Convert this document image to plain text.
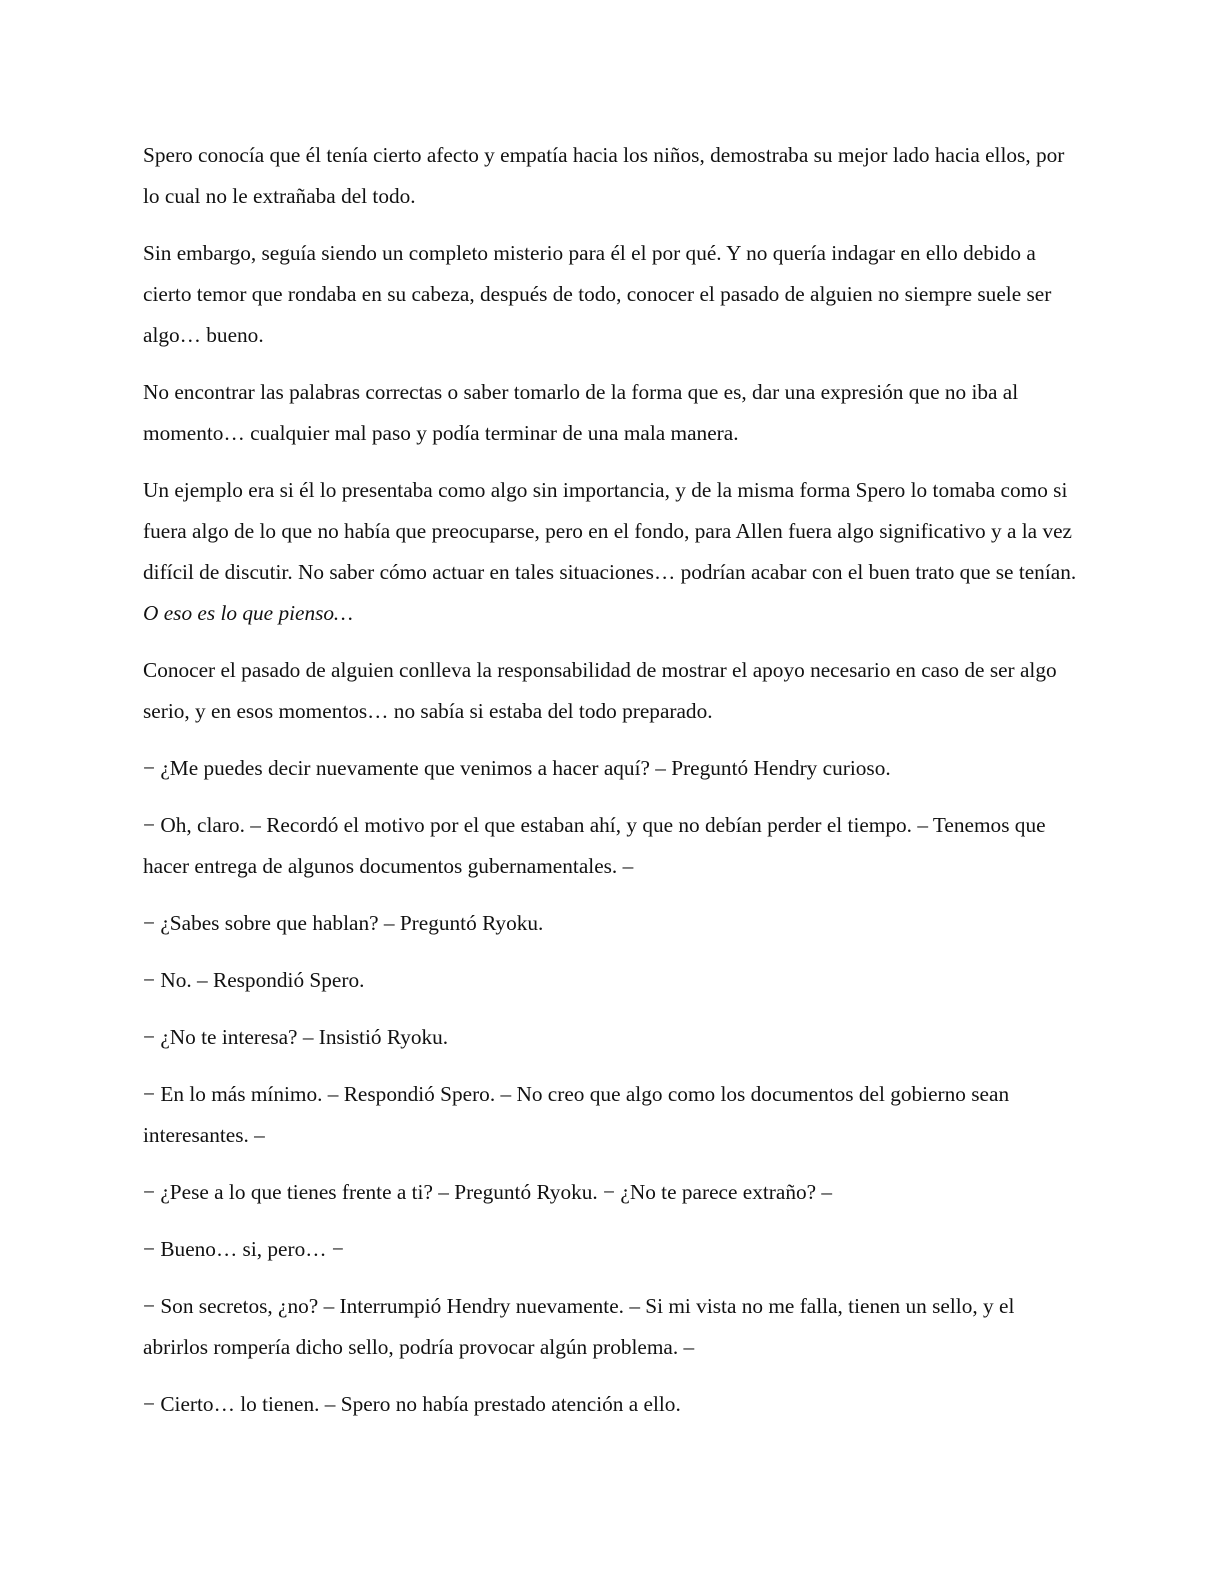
Spero conocía que él tenía cierto afecto y empatía hacia los niños, demostraba su mejor lado hacia ellos, por lo cual no le extrañaba del todo.

Sin embargo, seguía siendo un completo misterio para él el por qué. Y no quería indagar en ello debido a cierto temor que rondaba en su cabeza, después de todo, conocer el pasado de alguien no siempre suele ser algo… bueno.

No encontrar las palabras correctas o saber tomarlo de la forma que es, dar una expresión que no iba al momento… cualquier mal paso y podía terminar de una mala manera.

Un ejemplo era si él lo presentaba como algo sin importancia, y de la misma forma Spero lo tomaba como si fuera algo de lo que no había que preocuparse, pero en el fondo, para Allen fuera algo significativo y a la vez difícil de discutir. No saber cómo actuar en tales situaciones… podrían acabar con el buen trato que se tenían. O eso es lo que pienso…

Conocer el pasado de alguien conlleva la responsabilidad de mostrar el apoyo necesario en caso de ser algo serio, y en esos momentos… no sabía si estaba del todo preparado.

− ¿Me puedes decir nuevamente que venimos a hacer aquí? – Preguntó Hendry curioso.

− Oh, claro. – Recordó el motivo por el que estaban ahí, y que no debían perder el tiempo. – Tenemos que hacer entrega de algunos documentos gubernamentales. –

− ¿Sabes sobre que hablan? – Preguntó Ryoku.

− No. – Respondió Spero.

− ¿No te interesa? – Insistió Ryoku.

− En lo más mínimo. – Respondió Spero. – No creo que algo como los documentos del gobierno sean interesantes. –

− ¿Pese a lo que tienes frente a ti? – Preguntó Ryoku. − ¿No te parece extraño? –

− Bueno… si, pero… −

− Son secretos, ¿no? – Interrumpió Hendry nuevamente. – Si mi vista no me falla, tienen un sello, y el abrirlos rompería dicho sello, podría provocar algún problema. –

− Cierto… lo tienen. – Spero no había prestado atención a ello.
